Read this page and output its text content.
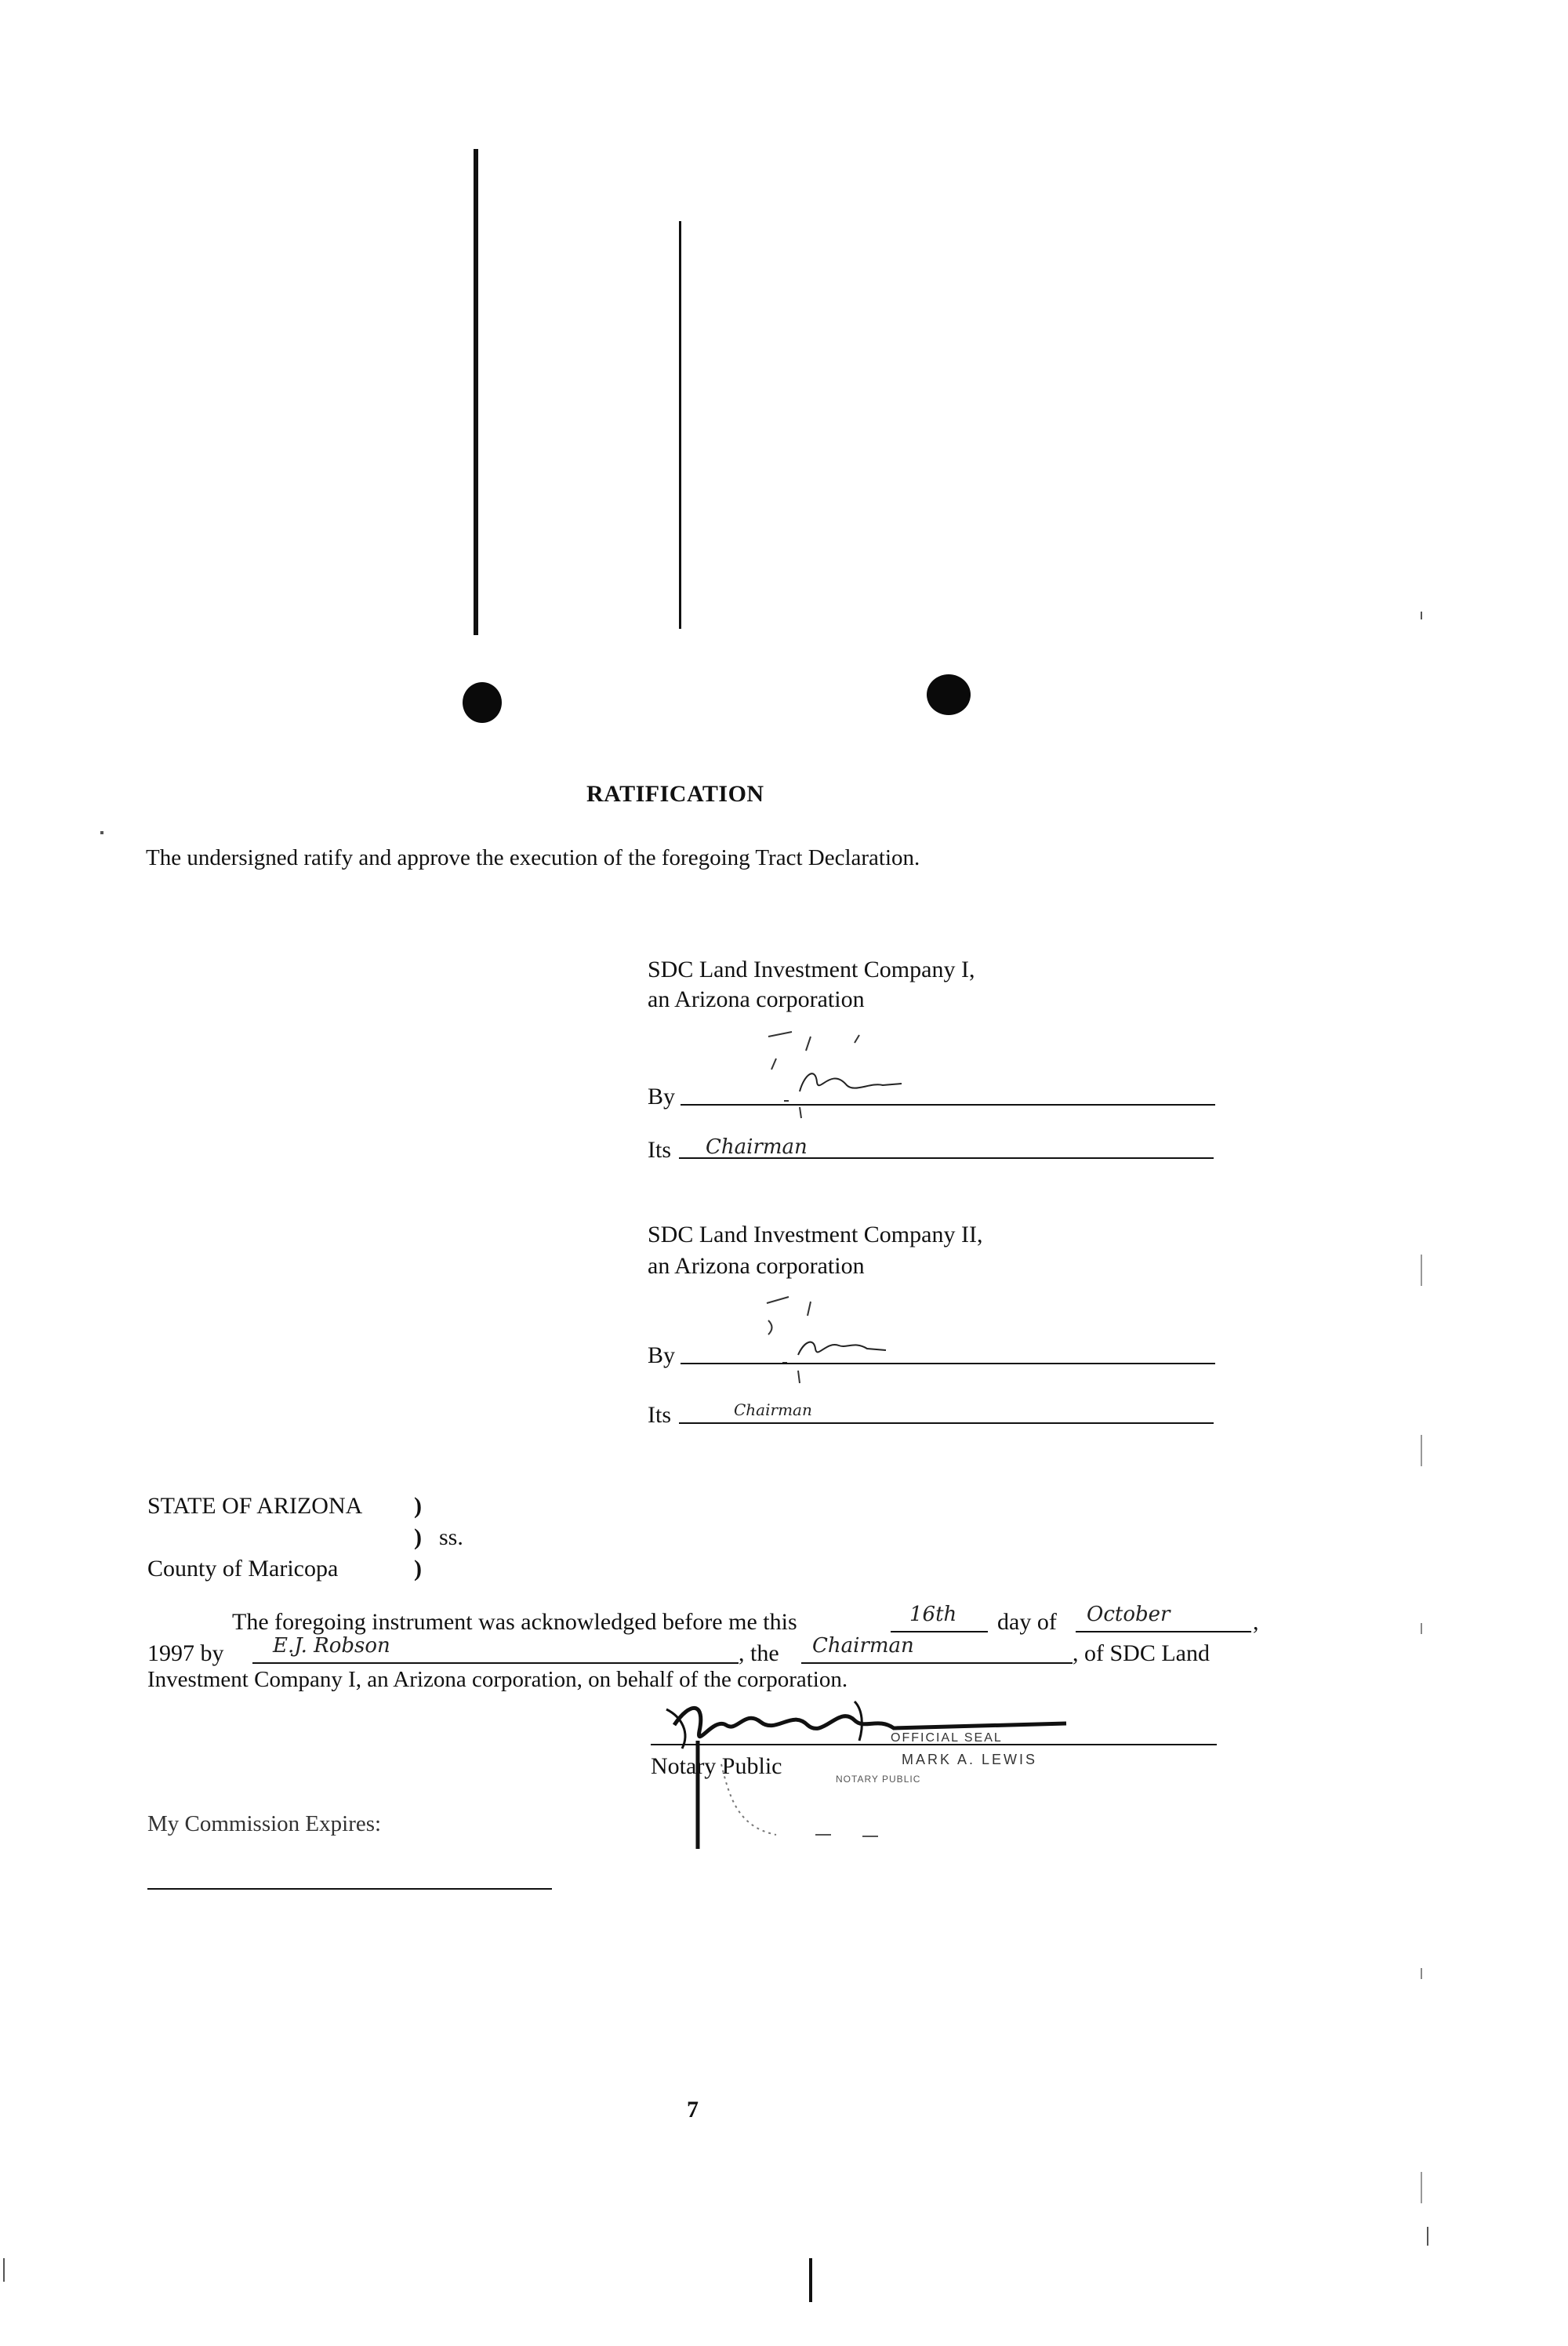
RATIFICATION
The undersigned ratify and approve the execution of the foregoing Tract Declaration.
SDC Land Investment Company I,
an Arizona corporation
By
Its Chairman
SDC Land Investment Company II,
an Arizona corporation
By
Its	Chairman
STATE OF ARIZONA )
) ss.
County of Maricopa	)
The foregoing instrument was acknowledged before me this	16th day of October	,
1997 by E.J. Robson	, the Chairman	, of SDC Land
Investment Company I, an Arizona corporation, on behalf of the corporation.
Notary Public
OFFICIAL SEAL
MARK A. LEWIS
NOTARY PUBLIC
My Commission Expires:
7
